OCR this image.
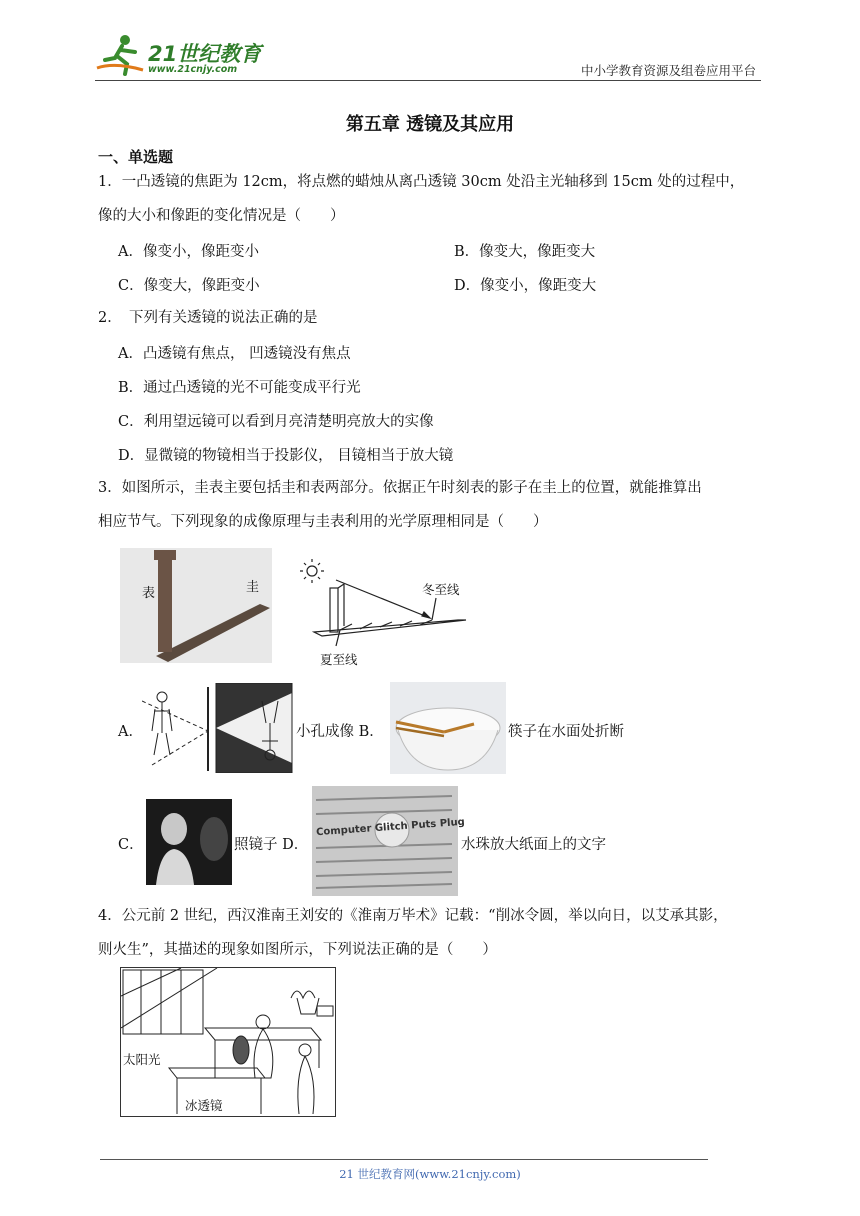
21世纪教育
www.21cnjy.com	中小学教育资源及组卷应用平台
第五章 透镜及其应用
一、单选题
1．一凸透镜的焦距为 12cm，将点燃的蜡烛从离凸透镜 30cm 处沿主光轴移到 15cm 处的过程中，
像的大小和像距的变化情况是（　　）
A．像变小，像距变小	B．像变大，像距变大
C．像变大，像距变小	D．像变小，像距变大
2．　下列有关透镜的说法正确的是
A．凸透镜有焦点， 凹透镜没有焦点
B．通过凸透镜的光不可能变成平行光
C．利用望远镜可以看到月亮清楚明亮放大的实像
D．显微镜的物镜相当于投影仪， 目镜相当于放大镜
3．如图所示，圭表主要包括圭和表两部分。依据正午时刻表的影子在圭上的位置，就能推算出
相应节气。下列现象的成像原理与圭表利用的光学原理相同是（　　）
表	圭	冬至线
夏至线
A．	小孔成像 B．	筷子在水面处折断
C．	照镜子 D．
Computer Glitch Puts Plug
水珠放大纸面上的文字
4．公元前 2 世纪，西汉淮南王刘安的《淮南万毕术》记载：“削冰令圆，举以向日，以艾承其影，
则火生”，其描述的现象如图所示，下列说法正确的是（　　）
太阳光
冰透镜
21 世纪教育网(www.21cnjy.com)
